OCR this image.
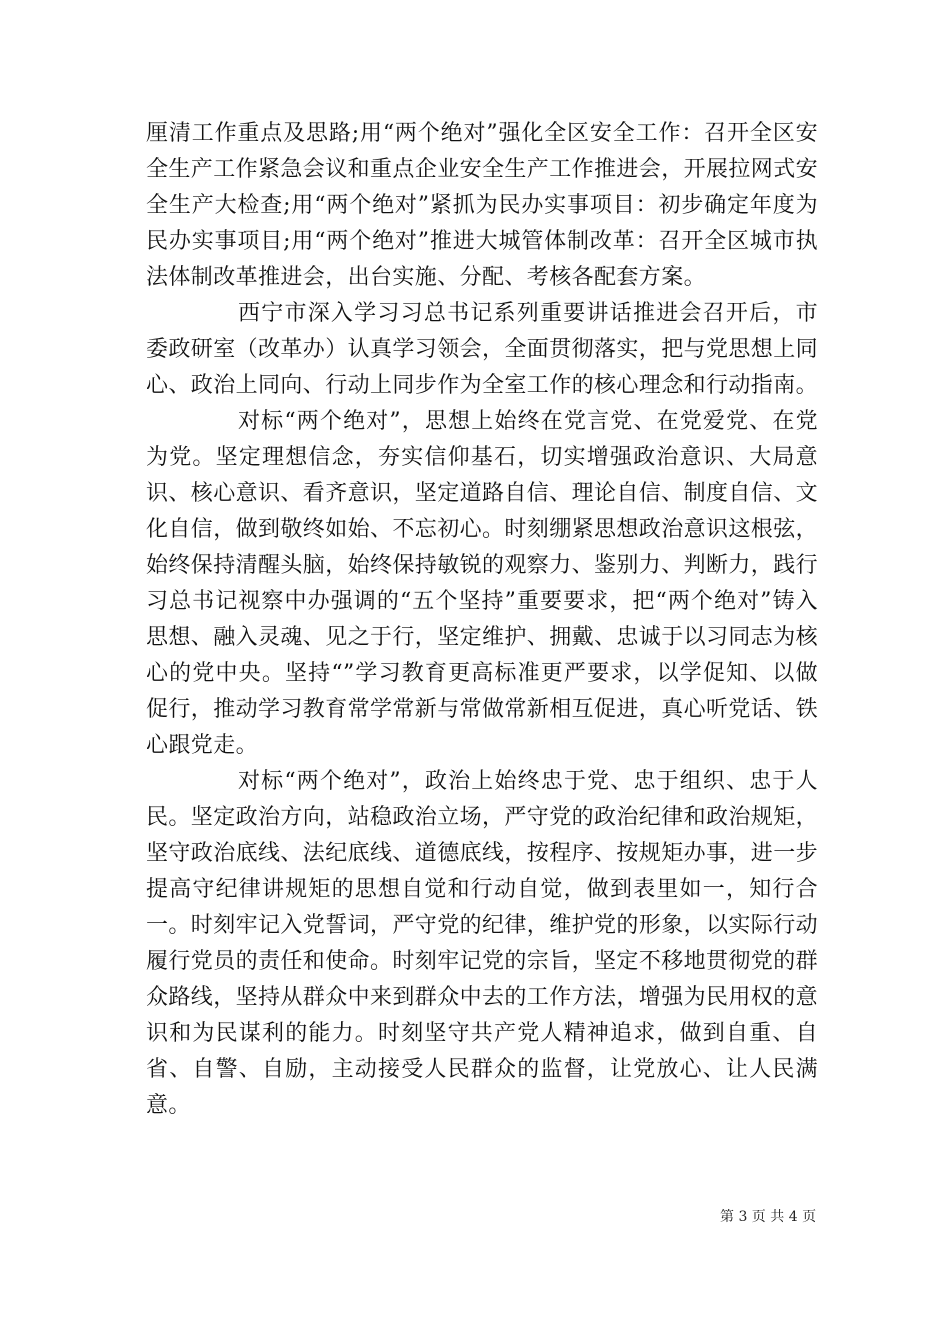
厘清工作重点及思路;用“两个绝对”强化全区安全工作：召开全区安全生产工作紧急会议和重点企业安全生产工作推进会，开展拉网式安全生产大检查;用“两个绝对”紧抓为民办实事项目：初步确定年度为民办实事项目;用“两个绝对”推进大城管体制改革：召开全区城市执法体制改革推进会，出台实施、分配、考核各配套方案。

西宁市深入学习习总书记系列重要讲话推进会召开后，市委政研室（改革办）认真学习领会，全面贯彻落实，把与党思想上同心、政治上同向、行动上同步作为全室工作的核心理念和行动指南。

对标“两个绝对”，思想上始终在党言党、在党爱党、在党为党。坚定理想信念，夯实信仰基石，切实增强政治意识、大局意识、核心意识、看齐意识，坚定道路自信、理论自信、制度自信、文化自信，做到敬终如始、不忘初心。时刻绷紧思想政治意识这根弦，始终保持清醒头脑，始终保持敏锐的观察力、鉴别力、判断力，践行习总书记视察中办强调的“五个坚持”重要要求，把“两个绝对”铸入思想、融入灵魂、见之于行，坚定维护、拥戴、忠诚于以习同志为核心的党中央。坚持“”学习教育更高标准更严要求，以学促知、以做促行，推动学习教育常学常新与常做常新相互促进，真心听党话、铁心跟党走。

对标“两个绝对”，政治上始终忠于党、忠于组织、忠于人民。坚定政治方向，站稳政治立场，严守党的政治纪律和政治规矩，坚守政治底线、法纪底线、道德底线，按程序、按规矩办事，进一步提高守纪律讲规矩的思想自觉和行动自觉，做到表里如一，知行合一。时刻牢记入党誓词，严守党的纪律，维护党的形象，以实际行动履行党员的责任和使命。时刻牢记党的宗旨，坚定不移地贯彻党的群众路线，坚持从群众中来到群众中去的工作方法，增强为民用权的意识和为民谋利的能力。时刻坚守共产党人精神追求，做到自重、自省、自警、自励，主动接受人民群众的监督，让党放心、让人民满意。

第 3 页 共 4 页
